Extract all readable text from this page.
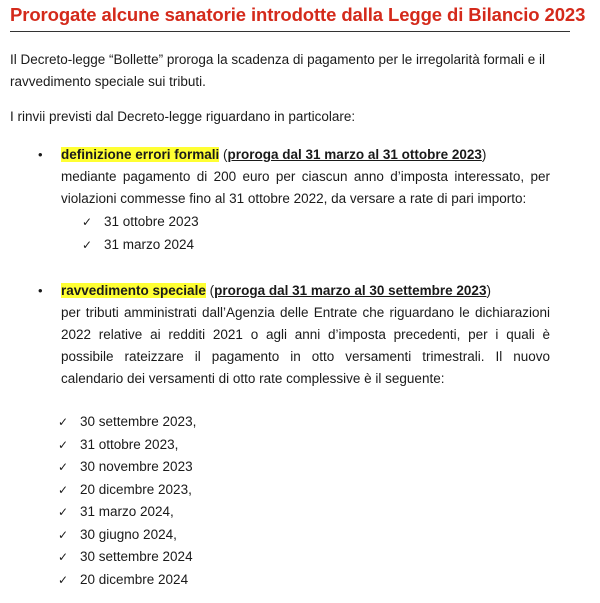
Prorogate alcune sanatorie introdotte dalla Legge di Bilancio 2023

Il Decreto-legge “Bollette” proroga la scadenza di pagamento per le irregolarità formali e il ravvedimento speciale sui tributi.

I rinvii previsti dal Decreto-legge riguardano in particolare:

• definizione errori formali (proroga dal 31 marzo al 31 ottobre 2023)

mediante pagamento di 200 euro per ciascun anno d’imposta interessato, per violazioni commesse fino al 31 ottobre 2022, da versare a rate di pari importo:

✓ 31 ottobre 2023
✓ 31 marzo 2024
• ravvedimento speciale (proroga dal 31 marzo al 30 settembre 2023)

per tributi amministrati dall’Agenzia delle Entrate che riguardano le dichiarazioni 2022 relative ai redditi 2021 o agli anni d’imposta precedenti, per i quali è possibile rateizzare il pagamento in otto versamenti trimestrali. Il nuovo calendario dei versamenti di otto rate complessive è il seguente:

✓ 30 settembre 2023,
✓ 31 ottobre 2023,
✓ 30 novembre 2023
✓ 20 dicembre 2023,
✓ 31 marzo 2024,
✓ 30 giugno 2024,
✓ 30 settembre 2024
✓ 20 dicembre 2024
